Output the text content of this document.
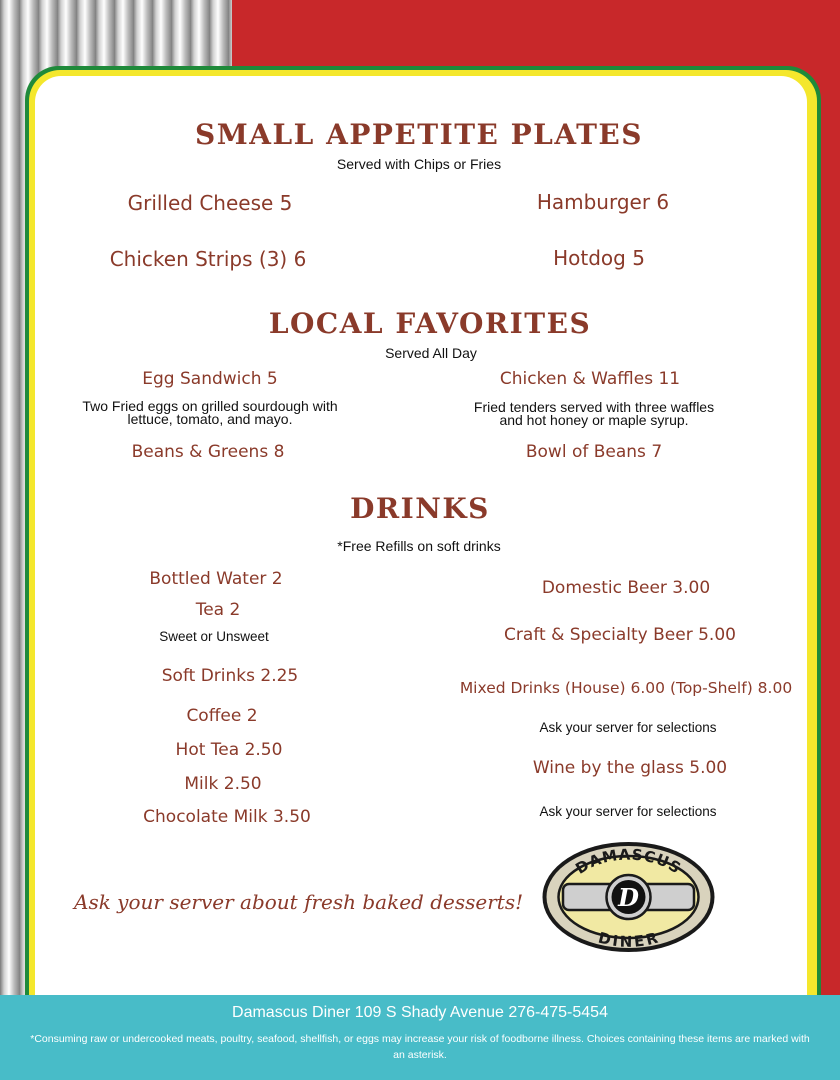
SMALL APPETITE PLATES
Served with Chips or Fries
Grilled Cheese 5	Hamburger 6
Chicken Strips (3) 6	Hotdog 5
LOCAL FAVORITES
Served All Day
Egg Sandwich 5
Two Fried eggs on grilled sourdough with
lettuce, tomato, and mayo.
Chicken & Waffles 11
Fried tenders served with three waffles
and hot honey or maple syrup.
Beans & Greens 8	Bowl of Beans 7
DRINKS
*Free Refills on soft drinks
Bottled Water 2
Tea 2
Sweet or Unsweet
Soft Drinks 2.25
Coffee 2
Hot Tea 2.50
Milk 2.50
Chocolate Milk 3.50
Domestic Beer 3.00
Craft & Specialty Beer 5.00
Mixed Drinks (House) 6.00 (Top-Shelf) 8.00
Ask your server for selections
Wine by the glass 5.00
Ask your server for selections
Ask your server about fresh baked desserts!	D
DAMASCUS
DINER
Damascus Diner 109 S Shady Avenue 276-475-5454
*Consuming raw or undercooked meats, poultry, seafood, shellfish, or eggs may increase your risk of foodborne illness. Choices containing these items are marked with an asterisk.
